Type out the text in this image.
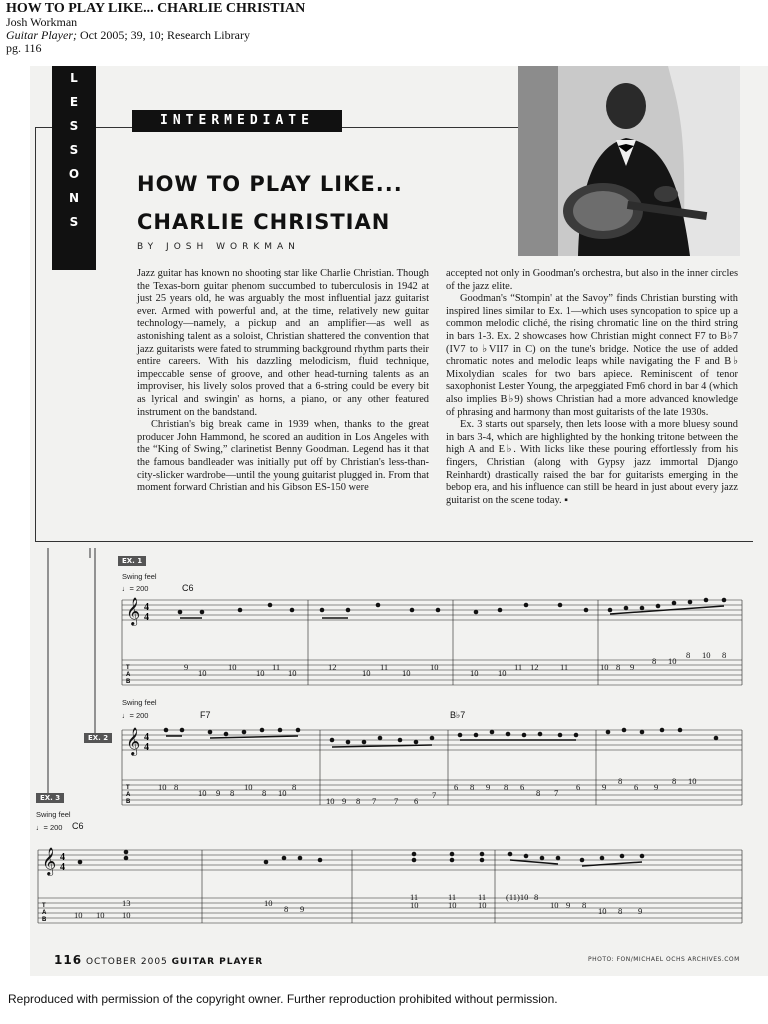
HOW TO PLAY LIKE... CHARLIE CHRISTIAN
Josh Workman
Guitar Player; Oct 2005; 39, 10; Research Library
pg. 116
L
E
S
S
O
N
S
INTERMEDIATE
HOW TO PLAY LIKE...
CHARLIE CHRISTIAN
BY JOSH WORKMAN

Jazz guitar has known no shooting star like Charlie Christian. Though the Texas-born guitar phenom succumbed to tuberculosis in 1942 at just 25 years old, he was arguably the most influential jazz guitarist ever. Armed with powerful and, at the time, relatively new guitar technology—namely, a pickup and an amplifier—as well as astonishing talent as a soloist, Christian shattered the convention that jazz guitarists were fated to strumming background rhythm parts their entire careers. With his dazzling melodicism, fluid technique, impeccable sense of groove, and other head-turning talents as an improviser, his lively solos proved that a 6-string could be every bit as lyrical and swingin' as horns, a piano, or any other featured instrument on the bandstand.

Christian's big break came in 1939 when, thanks to the great producer John Hammond, he scored an audition in Los Angeles with the “King of Swing,” clarinetist Benny Goodman. Legend has it that the famous bandleader was initially put off by Christian's less-than-city-slicker wardrobe—until the young guitarist plugged in. From that moment forward Christian and his Gibson ES-150 were

accepted not only in Goodman's orchestra, but also in the inner circles of the jazz elite.

Goodman's “Stompin' at the Savoy” finds Christian bursting with inspired lines similar to Ex. 1—which uses syncopation to spice up a common melodic cliché, the rising chromatic line on the third string in bars 1-3. Ex. 2 showcases how Christian might connect F7 to B♭7 (IV7 to ♭VII7 in C) on the tune's bridge. Notice the use of added chromatic notes and melodic leaps while navigating the F and B♭ Mixolydian scales for two bars apiece. Reminiscent of tenor saxophonist Lester Young, the arpeggiated Fm6 chord in bar 4 (which also implies B♭9) shows Christian had a more advanced knowledge of phrasing and harmony than most guitarists of the late 1930s.

Ex. 3 starts out sparsely, then lets loose with a more bluesy sound in bars 3-4, which are highlighted by the honking tritone between the high A and E♭. With licks like these pouring effortlessly from his fingers, Christian (along with Gypsy jazz immortal Django Reinhardt) drastically raised the bar for guitarists emerging in the bebop era, and his influence can still be heard in just about every jazz guitarist on the scene today. ▪

𝄞
𝄞
𝄞
4
4
4
4
4
4
T
A
B
T
A
B
T
A
B
EX. 1
Swing feel
♩= 200	C6
EX. 2
Swing feel
♩= 200	F7	B♭7
EX. 3
Swing feel
♩= 200 C6
9
10
10
10
11
10
12
10
11
10
10
10 10
11 12	11	10 8 9
8 10
8 10 8
10 8
10 9 8
10
8 10
8
10 9 8 7 7 6
7
6 8 9 8 6
8 7
6	9
8
6 9
8 10
10 10
13
10
10
8 9
11
10
11
10
11
10
(11)10 8
10 9 8
10 8 9
116 OCTOBER 2005 GUITAR PLAYER	PHOTO: FON/MICHAEL OCHS ARCHIVES.COM
Reproduced with permission of the copyright owner. Further reproduction prohibited without permission.
